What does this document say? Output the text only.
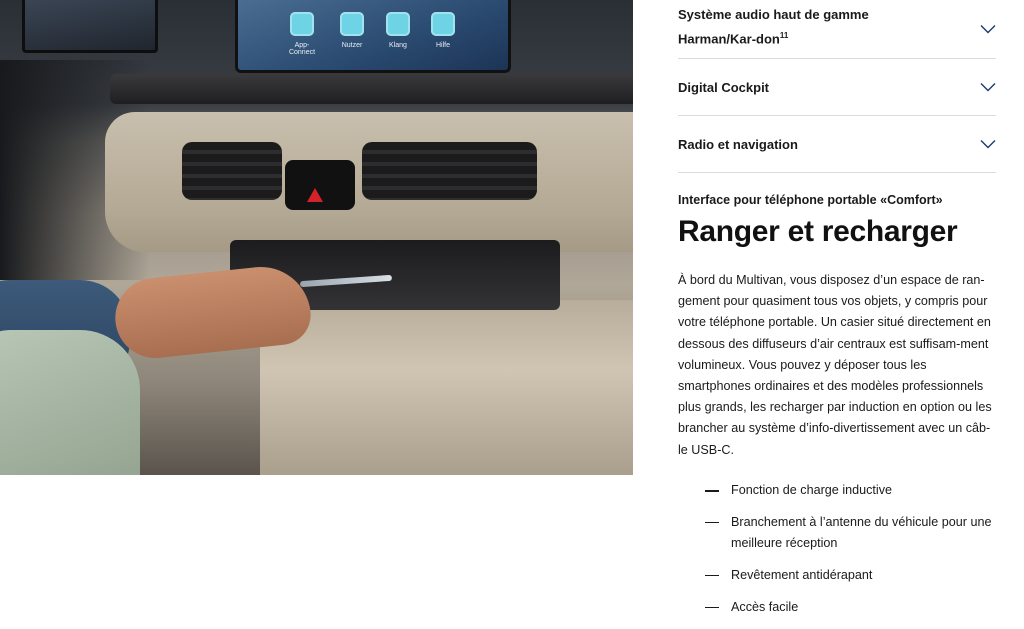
App-Connect
Nutzer	Klang	Hilfe
Système audio haut de gamme Harman/Kar-don$^{11}$
Digital Cockpit
Radio et navigation
Interface pour téléphone portable «Comfort»
Ranger et recharger

À bord du Multivan, vous disposez d’un espace de ran-gement pour quasiment tous vos objets, y compris pour votre téléphone portable. Un casier situé directement en dessous des diffuseurs d’air centraux est suffisam-ment volumineux. Vous pouvez y déposer tous les smartphones ordinaires et des modèles professionnels plus grands, les recharger par induction en option ou les brancher au système d’info-divertissement avec un câb-le USB-C.

Fonction de charge inductive
Branchement à l’antenne du véhicule pour une meilleure réception
Revêtement antidérapant
Accès facile
